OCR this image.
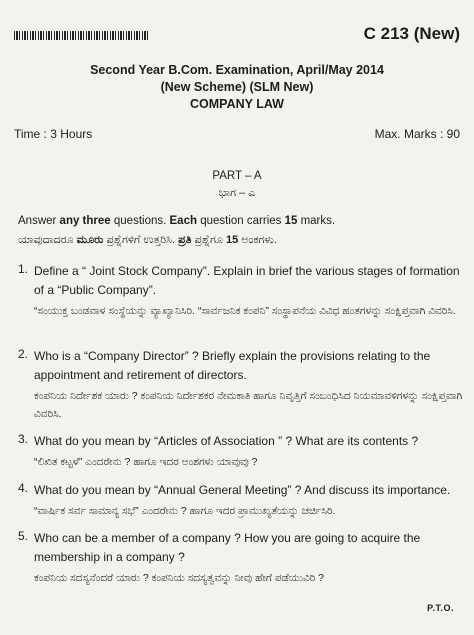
C 213 (New)
Second Year B.Com. Examination, April/May 2014
(New Scheme) (SLM New)
COMPANY LAW
Time : 3 Hours	Max. Marks : 90
PART – A
ಭಾಗ – ಎ
Answer any three questions. Each question carries 15 marks.
ಯಾವುದಾದರೂ ಮೂರು ಪ್ರಶ್ನೆಗಳಿಗೆ ಉತ್ತರಿಸಿ. ಪ್ರತಿ ಪ್ರಶ್ನೆಗೂ 15 ಅಂಕಗಳು.
1. Define a “ Joint Stock Company”. Explain in brief the various stages of formation of a “Public Company”.
“ಸಂಯುಕ್ತ ಬಂಡವಾಳ ಸಂಸ್ಥೆಯನ್ನು ವ್ಯಾಖ್ಯಾನಿಸಿರಿ. “ಸಾರ್ವಜನಿಕ ಕಂಪನಿ” ಸಂಸ್ಥಾಪನೆಯ ವಿವಿಧ ಹಂತಗಳನ್ನು ಸಂಕ್ಷಿಪ್ತವಾಗಿ ವಿವರಿಸಿ.
2. Who is a “Company Director” ? Briefly explain the provisions relating to the appointment and retirement of directors.
ಕಂಪನಿಯ ನಿರ್ದೇಶಕ ಯಾರು ? ಕಂಪನಿಯ ನಿರ್ದೇಶಕರ ನೇಮಕಾತಿ ಹಾಗೂ ನಿವೃತ್ತಿಗೆ ಸಂಬಂಧಿಸಿದ ನಿಯಮಾವಳಿಗಳನ್ನು ಸಂಕ್ಷಿಪ್ತವಾಗಿ ವಿವರಿಸಿ.
3. What do you mean by “Articles of Association ” ? What are its contents ?
“ಲಿಖಿತ ಕಟ್ಟಳೆ” ಎಂದರೇನು ? ಹಾಗೂ ಇದರ ಅಂಶಗಳು ಯಾವುವು ?
4. What do you mean by “Annual General Meeting” ? And discuss its importance.
“ವಾರ್ಷಿಕ ಸರ್ವ ಸಾಮಾನ್ಯ ಸಭೆ” ಎಂದರೇನು ? ಹಾಗೂ ಇದರ ಪ್ರಾಮುಖ್ಯತೆಯನ್ನು ಚರ್ಚಿಸಿರಿ.
5. Who can be a member of a company ? How you are going to acquire the membership in a company ?
ಕಂಪನಿಯ ಸದಸ್ಯನೆಂದರೆ ಯಾರು ? ಕಂಪನಿಯ ಸದಸ್ಯತ್ವವನ್ನು ನೀವು ಹೇಗೆ ಪಡೆಯುವಿರಿ ?
P.T.O.
